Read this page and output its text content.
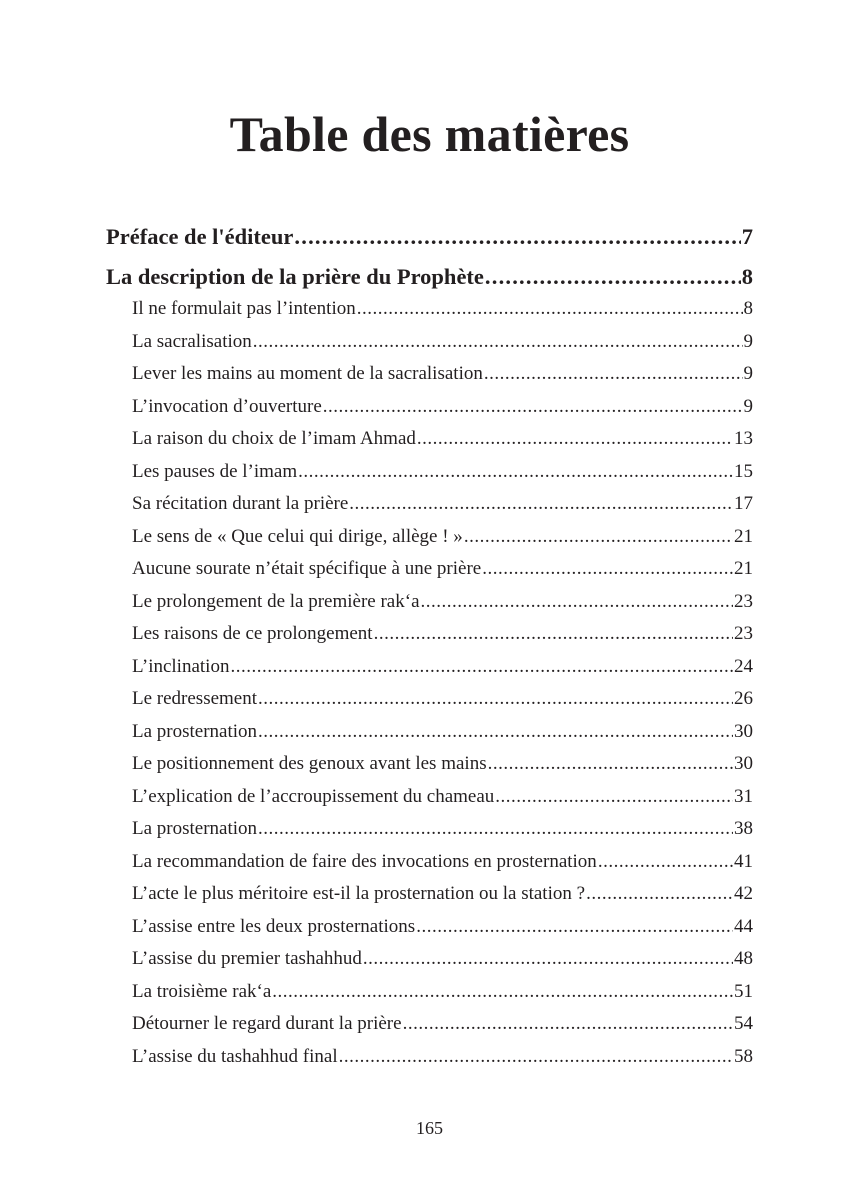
Table des matières
Préface de l'éditeur .....	7
La description de la prière du Prophète .....	8
Il ne formulait pas l’intention .....	8
La sacralisation .....	9
Lever les mains au moment de la sacralisation .....	9
L’invocation d’ouverture .....	9
La raison du choix de l’imam Ahmad .....	13
Les pauses de l’imam .....	15
Sa récitation durant la prière .....	17
Le sens de « Que celui qui dirige, allège ! » .....	21
Aucune sourate n’était spécifique à une prière .....	21
Le prolongement de la première rak‘a .....	23
Les raisons de ce prolongement .....	23
L’inclination .....	24
Le redressement .....	26
La prosternation .....	30
Le positionnement des genoux avant les mains .....	30
L’explication de l’accroupissement du chameau .....	31
La prosternation .....	38
La recommandation de faire des invocations en prosternation .....	41
L’acte le plus méritoire est-il la prosternation ou la station ? .....	42
L’assise entre les deux prosternations .....	44
L’assise du premier tashahhud .....	48
La troisième rak‘a .....	51
Détourner le regard durant la prière .....	54
L’assise du tashahhud final .....	58
165
